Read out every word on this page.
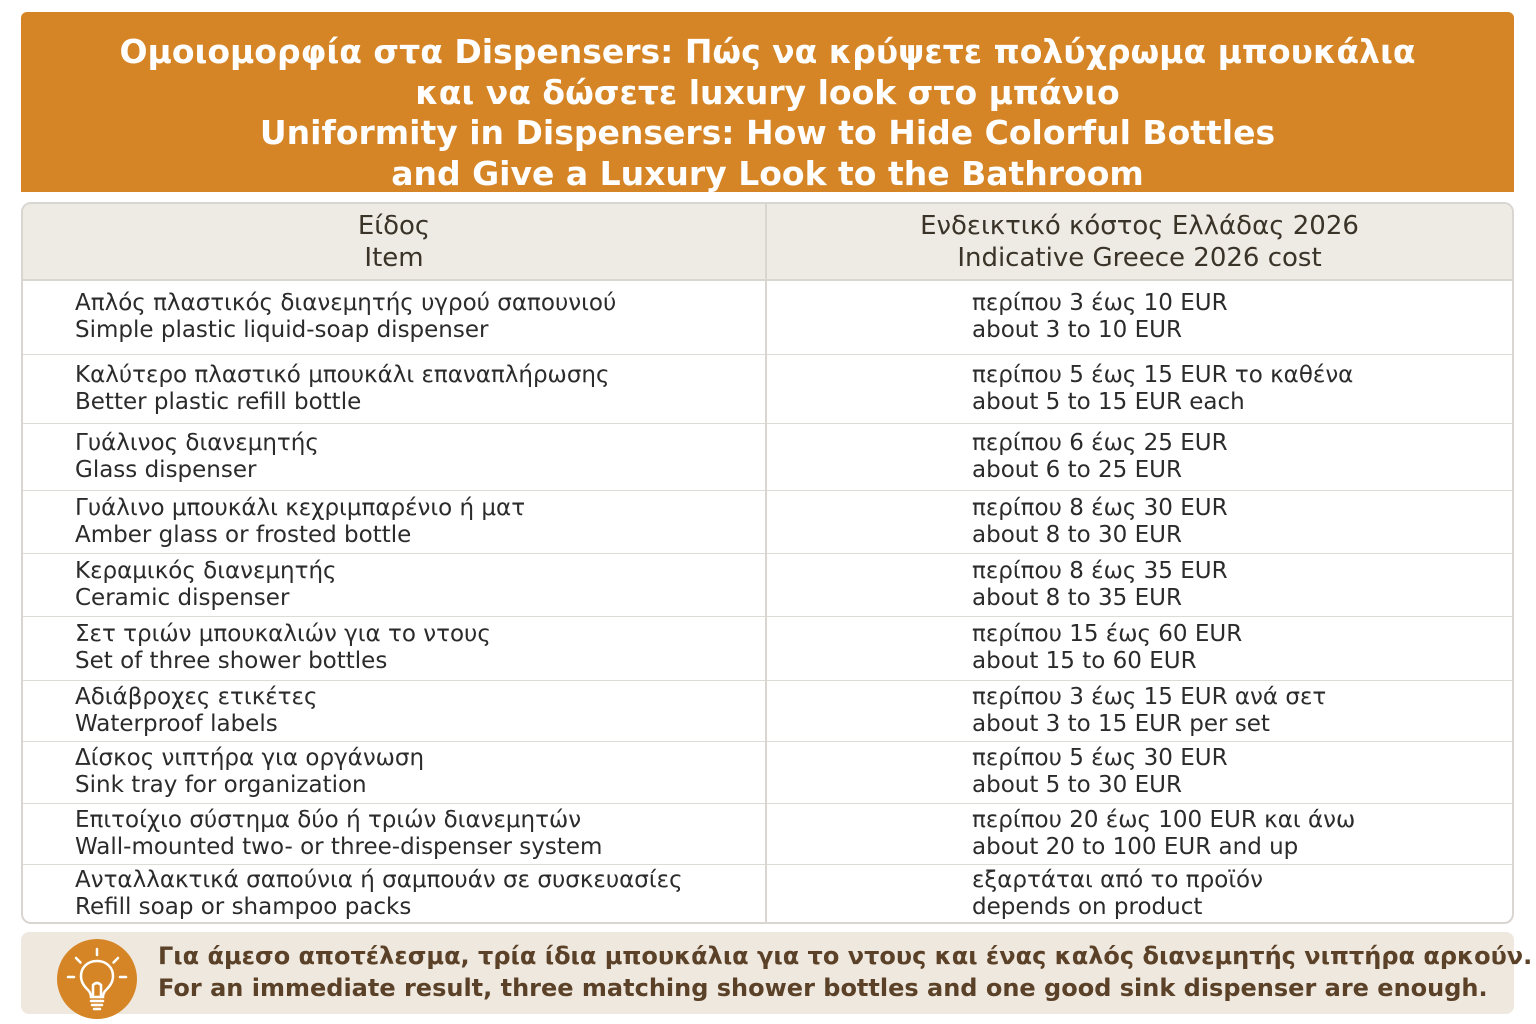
Ομοιομορφία στα Dispensers: Πώς να κρύψετε πολύχρωμα μπουκάλια
και να δώσετε luxury look στο μπάνιο
Uniformity in Dispensers: How to Hide Colorful Bottles
and Give a Luxury Look to the Bathroom
Είδος
Item	Ενδεικτικό κόστος Ελλάδας 2026
Indicative Greece 2026 cost

Απλός πλαστικός διανεμητής υγρού σαπουνιού
Simple plastic liquid-soap dispenser	περίπου 3 έως 10 EUR
about 3 to 10 EUR

Καλύτερο πλαστικό μπουκάλι επαναπλήρωσης
Better plastic refill bottle	περίπου 5 έως 15 EUR το καθένα
about 5 to 15 EUR each

Γυάλινος διανεμητής
Glass dispenser	περίπου 6 έως 25 EUR
about 6 to 25 EUR

Γυάλινο μπουκάλι κεχριμπαρένιο ή ματ
Amber glass or frosted bottle	περίπου 8 έως 30 EUR
about 8 to 30 EUR

Κεραμικός διανεμητής
Ceramic dispenser	περίπου 8 έως 35 EUR
about 8 to 35 EUR

Σετ τριών μπουκαλιών για το ντους
Set of three shower bottles	περίπου 15 έως 60 EUR
about 15 to 60 EUR

Αδιάβροχες ετικέτες
Waterproof labels	περίπου 3 έως 15 EUR ανά σετ
about 3 to 15 EUR per set

Δίσκος νιπτήρα για οργάνωση
Sink tray for organization	περίπου 5 έως 30 EUR
about 5 to 30 EUR

Επιτοίχιο σύστημα δύο ή τριών διανεμητών
Wall-mounted two- or three-dispenser system	περίπου 20 έως 100 EUR και άνω
about 20 to 100 EUR and up

Ανταλλακτικά σαπούνια ή σαμπουάν σε συσκευασίες
Refill soap or shampoo packs	εξαρτάται από το προϊόν
depends on product
Για άμεσο αποτέλεσμα, τρία ίδια μπουκάλια για το ντους και ένας καλός διανεμητής νιπτήρα αρκούν.
For an immediate result, three matching shower bottles and one good sink dispenser are enough.
